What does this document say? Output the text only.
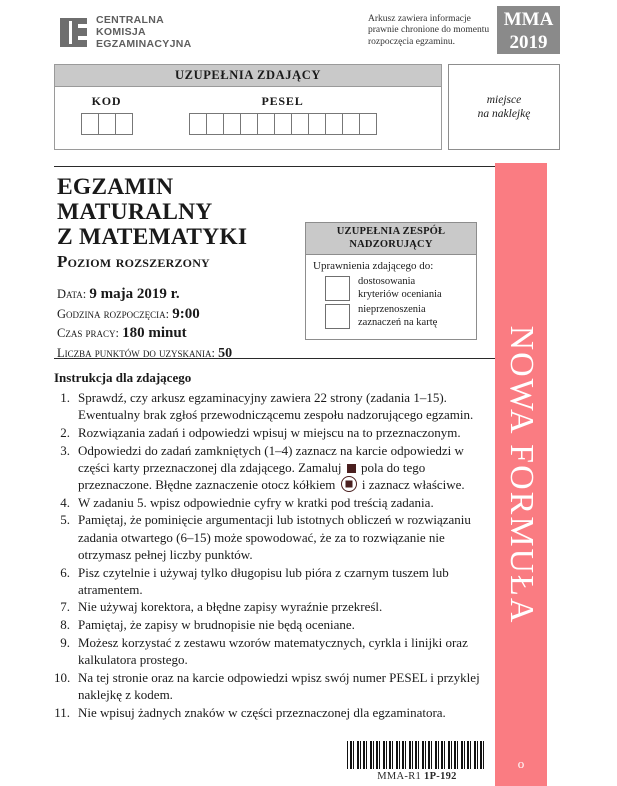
NOWA FORMUŁA
o
CENTRALNA
KOMISJA
EGZAMINACYJNA
Arkusz zawiera informacje prawnie chronione do momentu rozpoczęcia egzaminu.
MMA
2019
UZUPEŁNIA ZDAJĄCY
KOD	PESEL	miejsce
na naklejkę
EGZAMIN MATURALNY
Z MATEMATYKI
Poziom rozszerzony
Data: 9 maja 2019 r.
Godzina rozpoczęcia: 9:00
Czas pracy: 180 minut
Liczba punktów do uzyskania: 50
UZUPEŁNIA ZESPÓŁ
NADZORUJĄCY
Uprawnienia zdającego do:
dostosowania
kryteriów oceniania
nieprzenoszenia
zaznaczeń na kartę
Instrukcja dla zdającego
1. Sprawdź, czy arkusz egzaminacyjny zawiera 22 strony (zadania 1–15). Ewentualny brak zgłoś przewodniczącemu zespołu nadzorującego egzamin.
2. Rozwiązania zadań i odpowiedzi wpisuj w miejscu na to przeznaczonym.
3. Odpowiedzi do zadań zamkniętych (1–4) zaznacz na karcie odpowiedzi w części karty przeznaczonej dla zdającego. Zamaluj  pola do tego przeznaczone. Błędne zaznaczenie otocz kółkiem  i zaznacz właściwe.
4. W zadaniu 5. wpisz odpowiednie cyfry w kratki pod treścią zadania.
5. Pamiętaj, że pominięcie argumentacji lub istotnych obliczeń w rozwiązaniu zadania otwartego (6–15) może spowodować, że za to rozwiązanie nie otrzymasz pełnej liczby punktów.
6. Pisz czytelnie i używaj tylko długopisu lub pióra z czarnym tuszem lub atramentem.
7. Nie używaj korektora, a błędne zapisy wyraźnie przekreśl.
8. Pamiętaj, że zapisy w brudnopisie nie będą oceniane.
9. Możesz korzystać z zestawu wzorów matematycznych, cyrkla i linijki oraz kalkulatora prostego.
10. Na tej stronie oraz na karcie odpowiedzi wpisz swój numer PESEL i przyklej naklejkę z kodem.
11. Nie wpisuj żadnych znaków w części przeznaczonej dla egzaminatora.
MMA-R1 1P-192
